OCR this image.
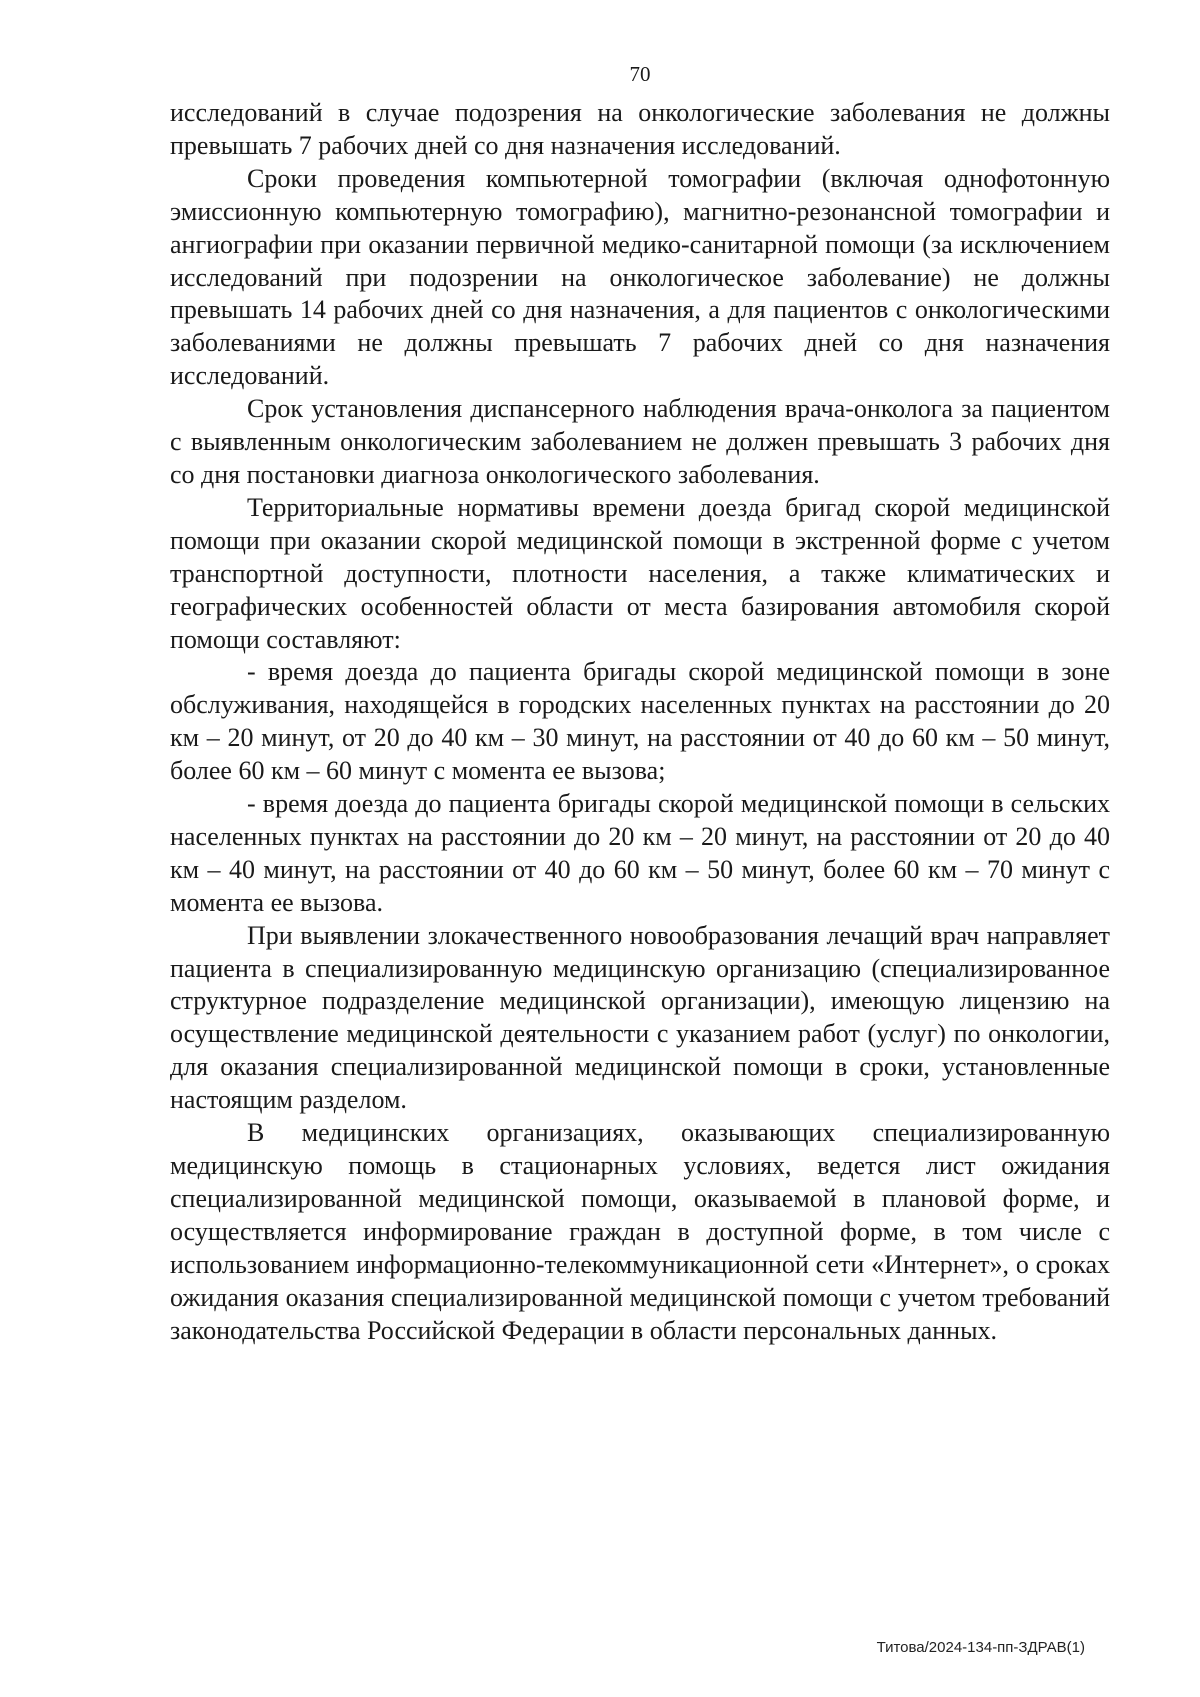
70

исследований в случае подозрения на онкологические заболевания не должны превышать 7 рабочих дней со дня назначения исследований.

Сроки проведения компьютерной томографии (включая однофотонную эмиссионную компьютерную томографию), магнитно-резонансной томографии и ангиографии при оказании первичной медико-санитарной помощи (за исключением исследований при подозрении на онкологическое заболевание) не должны превышать 14 рабочих дней со дня назначения, а для пациентов с онкологическими заболеваниями не должны превышать 7 рабочих дней со дня назначения исследований.

Срок установления диспансерного наблюдения врача-онколога за пациентом с выявленным онкологическим заболеванием не должен превышать 3 рабочих дня со дня постановки диагноза онкологического заболевания.

Территориальные нормативы времени доезда бригад скорой медицинской помощи при оказании скорой медицинской помощи в экстренной форме с учетом транспортной доступности, плотности населения, а также климатических и географических особенностей области от места базирования автомобиля скорой помощи составляют:

- время доезда до пациента бригады скорой медицинской помощи в зоне обслуживания, находящейся в городских населенных пунктах на расстоянии до 20 км – 20 минут, от 20 до 40 км – 30 минут, на расстоянии от 40 до 60 км – 50 минут, более 60 км – 60 минут с момента ее вызова;

- время доезда до пациента бригады скорой медицинской помощи в сельских населенных пунктах на расстоянии до 20 км – 20 минут, на расстоянии от 20 до 40 км – 40 минут, на расстоянии от 40 до 60 км – 50 минут, более 60 км – 70 минут с момента ее вызова.

При выявлении злокачественного новообразования лечащий врач направляет пациента в специализированную медицинскую организацию (специализированное структурное подразделение медицинской организации), имеющую лицензию на осуществление медицинской деятельности с указанием работ (услуг) по онкологии, для оказания специализированной медицинской помощи в сроки, установленные настоящим разделом.

В медицинских организациях, оказывающих специализированную медицинскую помощь в стационарных условиях, ведется лист ожидания специализированной медицинской помощи, оказываемой в плановой форме, и осуществляется информирование граждан в доступной форме, в том числе с использованием информационно-телекоммуникационной сети «Интернет», о сроках ожидания оказания специализированной медицинской помощи с учетом требований законодательства Российской Федерации в области персональных данных.

Титова/2024-134-пп-ЗДРАВ(1)
